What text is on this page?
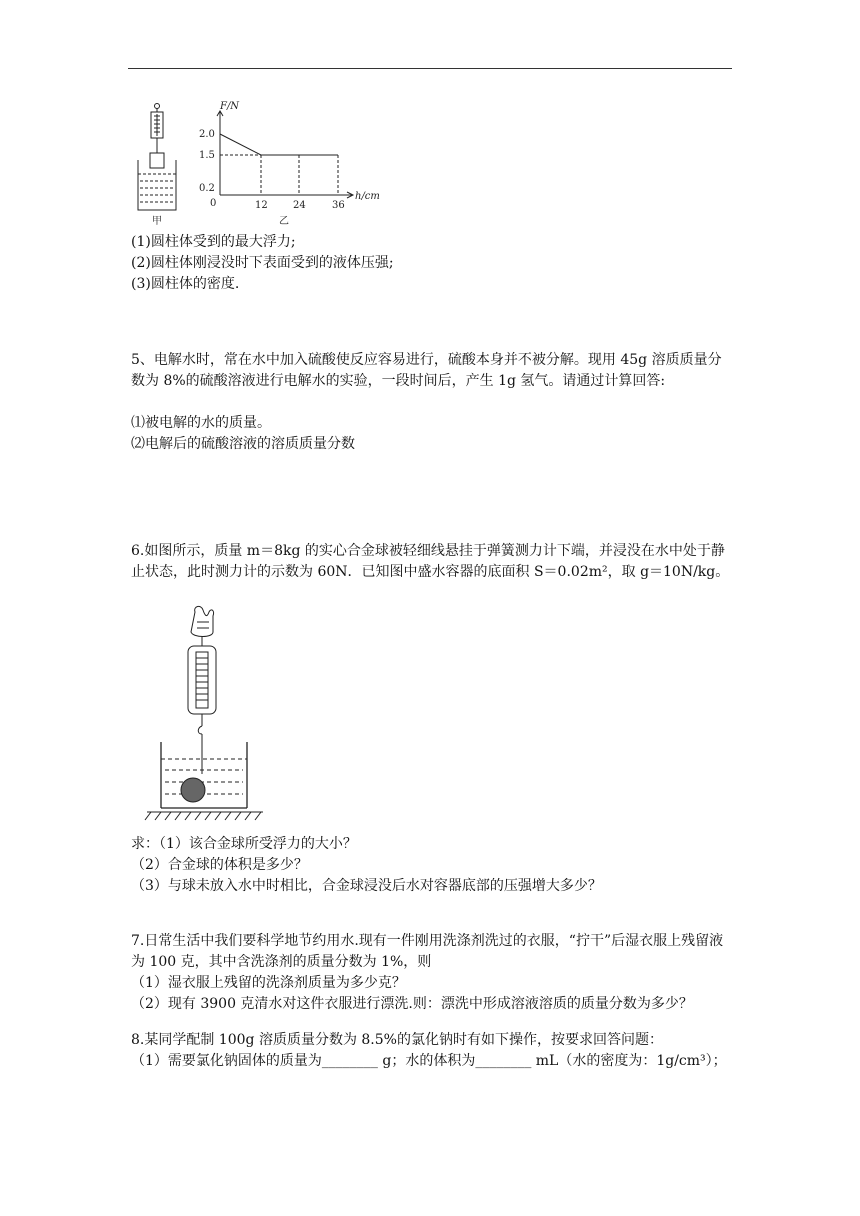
甲
F/N
2.0
1.5
0.2
0	12	24	36
h/cm
乙

(1)圆柱体受到的最大浮力;

(2)圆柱体刚浸没时下表面受到的液体压强;

(3)圆柱体的密度.

5、电解水时，常在水中加入硫酸使反应容易进行，硫酸本身并不被分解。现用 45g 溶质质量分数为 8%的硫酸溶液进行电解水的实验，一段时间后，产生 1g 氢气。请通过计算回答:

⑴被电解的水的质量。

⑵电解后的硫酸溶液的溶质质量分数

6.如图所示，质量 m＝8kg 的实心合金球被轻细线悬挂于弹簧测力计下端，并浸没在水中处于静止状态，此时测力计的示数为 60N．已知图中盛水容器的底面积 S＝0.02m²，取 g＝10N/kg。

求：（1）该合金球所受浮力的大小？

（2）合金球的体积是多少？

（3）与球未放入水中时相比，合金球浸没后水对容器底部的压强增大多少？

7.日常生活中我们要科学地节约用水.现有一件刚用洗涤剂洗过的衣服，“拧干”后湿衣服上残留液为 100 克，其中含洗涤剂的质量分数为 1%，则

（1）湿衣服上残留的洗涤剂质量为多少克？

（2）现有 3900 克清水对这件衣服进行漂洗.则：漂洗中形成溶液溶质的质量分数为多少？

8.某同学配制 100g 溶质质量分数为 8.5%的氯化钠时有如下操作，按要求回答问题：

（1）需要氯化钠固体的质量为________ g；水的体积为________ mL（水的密度为：1g/cm³）；
